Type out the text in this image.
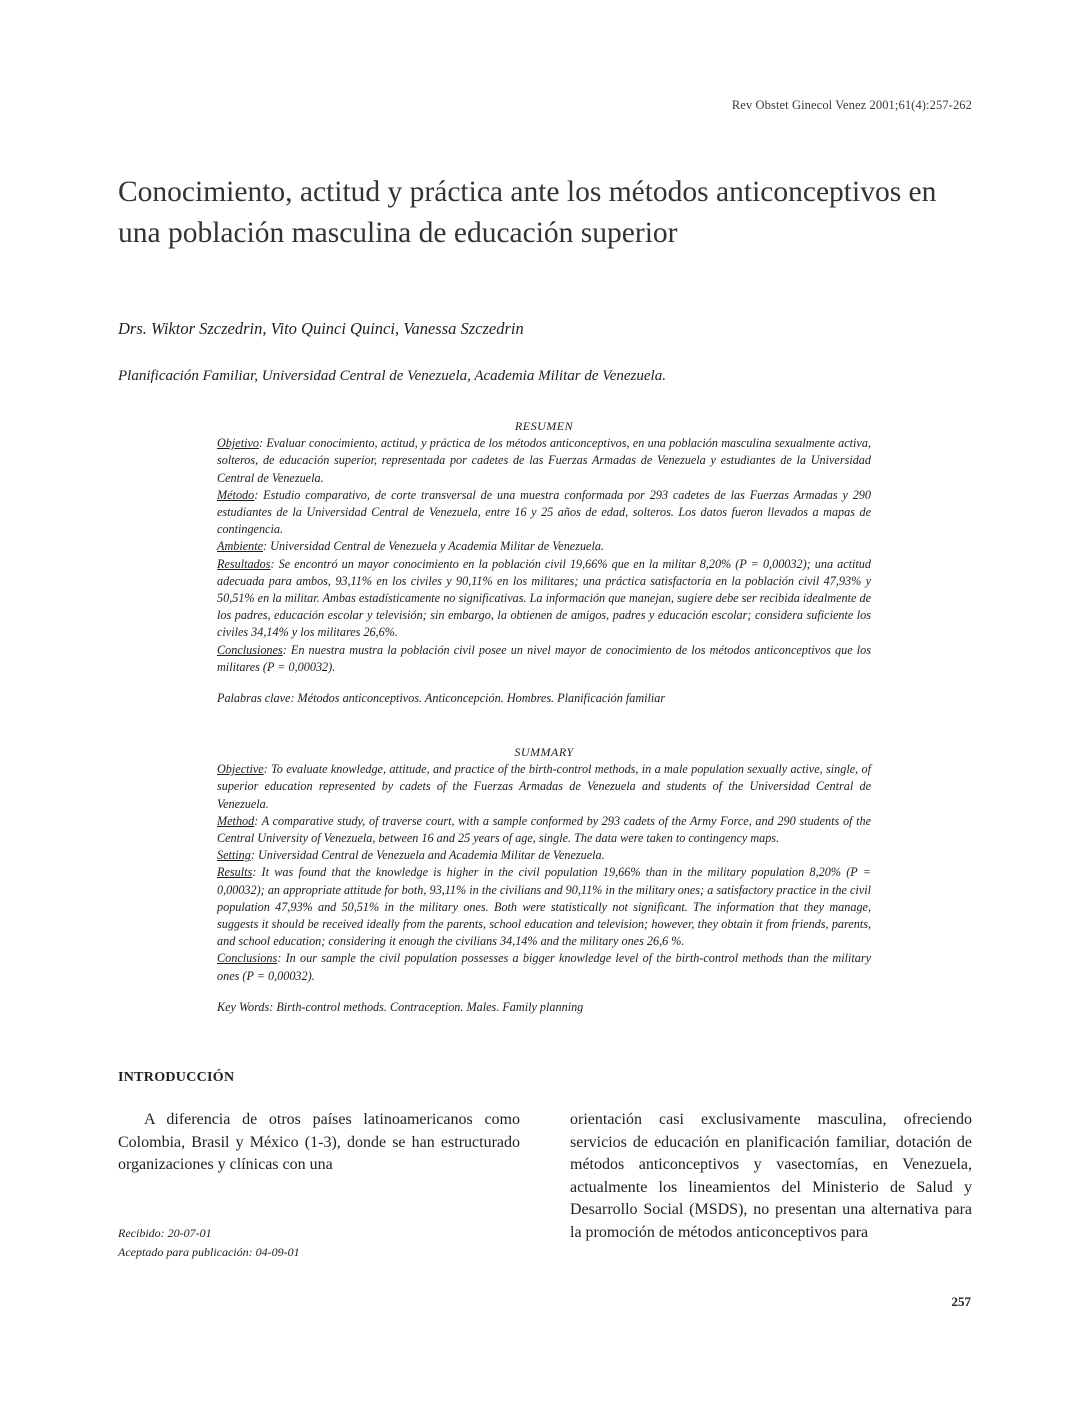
Rev Obstet Ginecol Venez 2001;61(4):257-262
Conocimiento, actitud y práctica ante los métodos anticonceptivos en una población masculina de educación superior
Drs. Wiktor Szczedrin, Vito Quinci Quinci, Vanessa Szczedrin
Planificación Familiar, Universidad Central de Venezuela, Academia Militar de Venezuela.

RESUMEN

Objetivo: Evaluar conocimiento, actitud, y práctica de los métodos anticonceptivos, en una población masculina sexualmente activa, solteros, de educación superior, representada por cadetes de las Fuerzas Armadas de Venezuela y estudiantes de la Universidad Central de Venezuela.

Método: Estudio comparativo, de corte transversal de una muestra conformada por 293 cadetes de las Fuerzas Armadas y 290 estudiantes de la Universidad Central de Venezuela, entre 16 y 25 años de edad, solteros. Los datos fueron llevados a mapas de contingencia.

Ambiente: Universidad Central de Venezuela y Academia Militar de Venezuela.

Resultados: Se encontró un mayor conocimiento en la población civil 19,66% que en la militar 8,20% (P = 0,00032); una actitud adecuada para ambos, 93,11% en los civiles y 90,11% en los militares; una práctica satisfactoria en la población civil 47,93% y 50,51% en la militar. Ambas estadísticamente no significativas. La información que manejan, sugiere debe ser recibida idealmente de los padres, educación escolar y televisión; sin embargo, la obtienen de amigos, padres y educación escolar; considera suficiente los civiles 34,14% y los militares 26,6%.

Conclusiones: En nuestra mustra la población civil posee un nivel mayor de conocimiento de los métodos anticonceptivos que los militares (P = 0,00032).

Palabras clave: Métodos anticonceptivos. Anticoncepción. Hombres. Planificación familiar

SUMMARY

Objective: To evaluate knowledge, attitude, and practice of the birth-control methods, in a male population sexually active, single, of superior education represented by cadets of the Fuerzas Armadas de Venezuela and students of the Universidad Central de Venezuela.

Method: A comparative study, of traverse court, with a sample conformed by 293 cadets of the Army Force, and 290 students of the Central University of Venezuela, between 16 and 25 years of age, single. The data were taken to contingency maps.

Setting: Universidad Central de Venezuela and Academia Militar de Venezuela.

Results: It was found that the knowledge is higher in the civil population 19,66% than in the military population 8,20% (P = 0,00032); an appropriate attitude for both, 93,11% in the civilians and 90,11% in the military ones; a satisfactory practice in the civil population 47,93% and 50,51% in the military ones. Both were statistically not significant. The information that they manage, suggests it should be received ideally from the parents, school education and television; however, they obtain it from friends, parents, and school education; considering it enough the civilians 34,14% and the military ones 26,6 %.

Conclusions: In our sample the civil population possesses a bigger knowledge level of the birth-control methods than the military ones (P = 0,00032).

Key Words: Birth-control methods. Contraception. Males. Family planning

INTRODUCCIÓN

A diferencia de otros países latinoamericanos como Colombia, Brasil y México (1-3), donde se han estructurado organizaciones y clínicas con una

orientación casi exclusivamente masculina, ofreciendo servicios de educación en planificación familiar, dotación de métodos anticonceptivos y vasectomías, en Venezuela, actualmente los lineamientos del Ministerio de Salud y Desarrollo Social (MSDS), no presentan una alternativa para la promoción de métodos anticonceptivos para

Recibido: 20-07-01
Aceptado para publicación: 04-09-01
257
